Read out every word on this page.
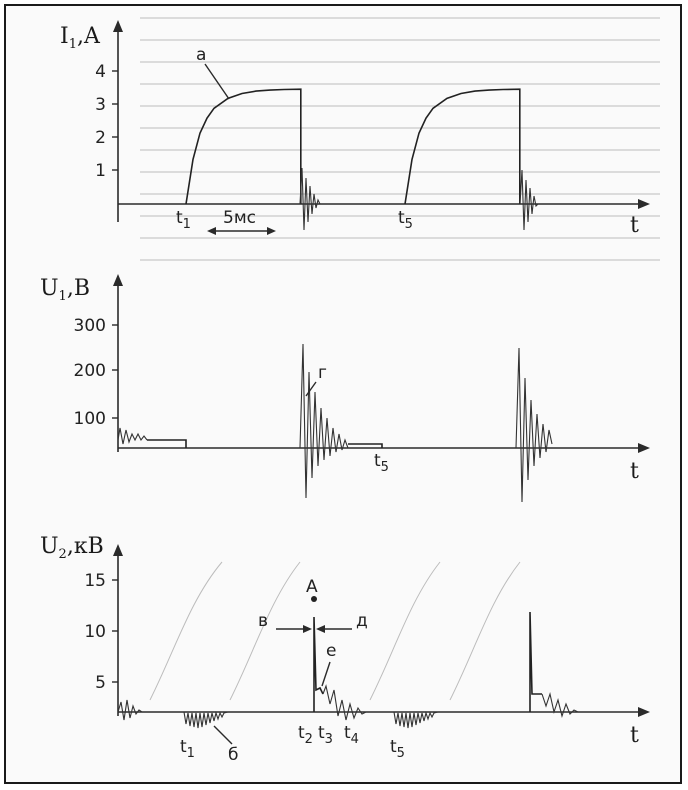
$I_1,A$
t
1
2
3
4
а
$t_1$	$t_5$
5мс
$U_1,B$
t
100
200
300
г
$t_5$
$U_2,кВ$
t
5
10
15	А
в	д
е
б
$t_1$
$t_2$ $t_3$ $t_4$ $t_5$
